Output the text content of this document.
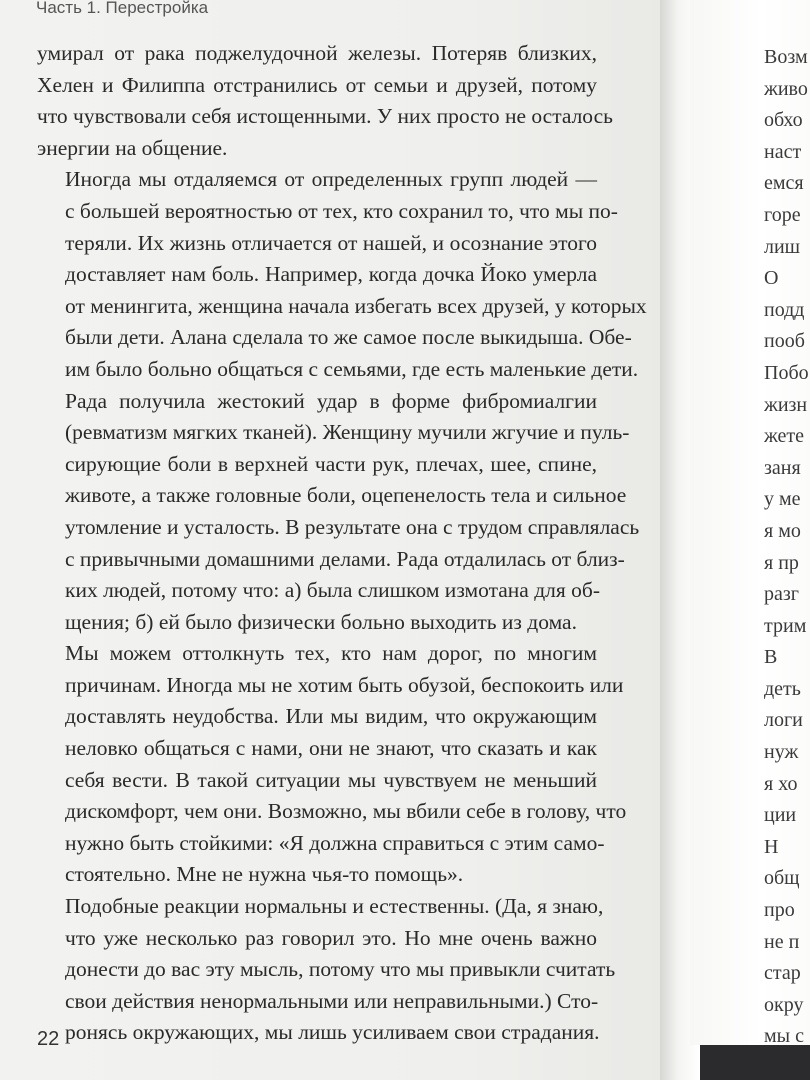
Часть 1. Перестройка
умирал от рака поджелудочной железы. Потеряв близких,
Хелен и Филиппа отстранились от семьи и друзей, потому
что чувствовали себя истощенными. У них просто не осталось
энергии на общение.
Иногда мы отдаляемся от определенных групп людей —
с большей вероятностью от тех, кто сохранил то, что мы по-
теряли. Их жизнь отличается от нашей, и осознание этого
доставляет нам боль. Например, когда дочка Йоко умерла
от менингита, женщина начала избегать всех друзей, у которых
были дети. Алана сделала то же самое после выкидыша. Обе-
им было больно общаться с семьями, где есть маленькие дети.
Рада получила жестокий удар в форме фибромиалгии
(ревматизм мягких тканей). Женщину мучили жгучие и пуль-
сирующие боли в верхней части рук, плечах, шее, спине,
животе, а также головные боли, оцепенелость тела и сильное
утомление и усталость. В результате она с трудом справлялась
с привычными домашними делами. Рада отдалилась от близ-
ких людей, потому что: а) была слишком измотана для об-
щения; б) ей было физически больно выходить из дома.
Мы можем оттолкнуть тех, кто нам дорог, по многим
причинам. Иногда мы не хотим быть обузой, беспокоить или
доставлять неудобства. Или мы видим, что окружающим
неловко общаться с нами, они не знают, что сказать и как
себя вести. В такой ситуации мы чувствуем не меньший
дискомфорт, чем они. Возможно, мы вбили себе в голову, что
нужно быть стойкими: «Я должна справиться с этим само-
стоятельно. Мне не нужна чья-то помощь».
Подобные реакции нормальны и естественны. (Да, я знаю,
что уже несколько раз говорил это. Но мне очень важно
донести до вас эту мысль, потому что мы привыкли считать
свои действия ненормальными или неправильными.) Сто-
ронясь окружающих, мы лишь усиливаем свои страдания.
22
Возм
живо
обхо
наст
емся
горе
лиш
О
подд
пооб
Побо
жизн
жете
заня
у ме
я мо
я пр
разг
трим
В
деть
логи
нуж
я хо
ции
Н
общ
про
не п
стар
окру
мы с
